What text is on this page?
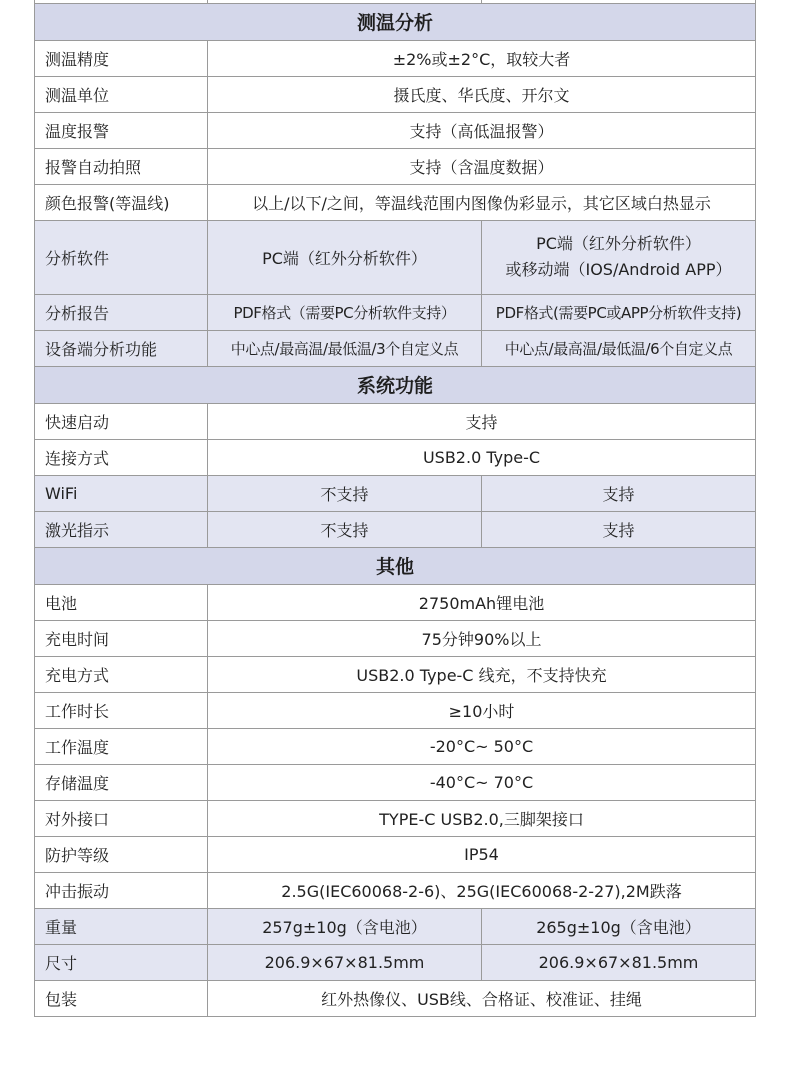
测温分析		
测温精度	±2%或±2°C，取较大者	
测温单位	摄氏度、华氏度、开尔文	
温度报警	支持（高低温报警）	
报警自动拍照	支持（含温度数据）	
颜色报警(等温线)	以上/以下/之间，等温线范围内图像伪彩显示，其它区域白热显示	
分析软件	PC端（红外分析软件）	PC端（红外分析软件）
或移动端（IOS/Android APP）

分析报告	PDF格式（需要PC分析软件支持）	PDF格式(需要PC或APP分析软件支持)
设备端分析功能	中心点/最高温/最低温/3个自定义点	中心点/最高温/最低温/6个自定义点
系统功能		
快速启动	支持	
连接方式	USB2.0 Type-C	
WiFi	不支持	支持
激光指示	不支持	支持
其他		
电池	2750mAh锂电池	
充电时间	75分钟90%以上	
充电方式	USB2.0 Type-C 线充，不支持快充	
工作时长	≥10小时	
工作温度	-20°C~ 50°C	
存储温度	-40°C~ 70°C	
对外接口	TYPE-C USB2.0,三脚架接口	
防护等级	IP54	
冲击振动	2.5G(IEC60068-2-6)、25G(IEC60068-2-27),2M跌落	
重量	257g±10g（含电池）	265g±10g（含电池）
尺寸	206.9×67×81.5mm	206.9×67×81.5mm
包装	红外热像仪、USB线、合格证、校准证、挂绳	
